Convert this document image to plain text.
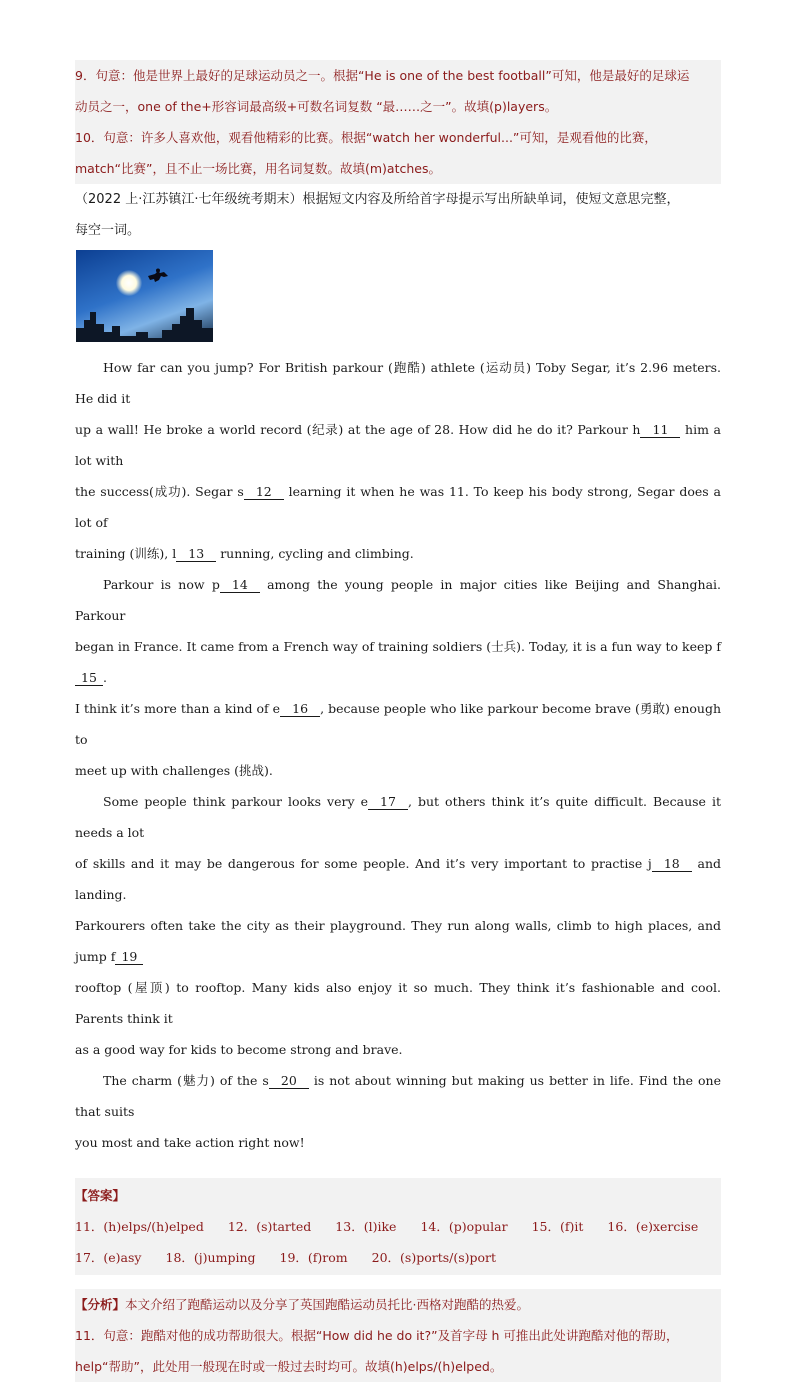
9．句意：他是世界上最好的足球运动员之一。根据“He is one of the best football”可知，他是最好的足球运
动员之一，one of the+形容词最高级+可数名词复数 “最……之一”。故填(p)layers。
10．句意：许多人喜欢他，观看他精彩的比赛。根据“watch her wonderful...”可知，是观看他的比赛，
match“比赛”，且不止一场比赛，用名词复数。故填(m)atches。
（2022 上·江苏镇江·七年级统考期末）根据短文内容及所给首字母提示写出所缺单词，使短文意思完整，
每空一词。
How far can you jump? For British parkour (跑酷) athlete (运动员) Toby Segar, it’s 2.96 meters. He did it
up a wall! He broke a world record (纪录) at the age of 28. How did he do it? Parkour h 11 him a lot with
the success(成功). Segar s 12 learning it when he was 11. To keep his body strong, Segar does a lot of
training (训练), l 13 running, cycling and climbing.
Parkour is now p 14 among the young people in major cities like Beijing and Shanghai. Parkour
began in France. It came from a French way of training soldiers (士兵). Today, it is a fun way to keep f15 .
I think it’s more than a kind of e 16 , because people who like parkour become brave (勇敢) enough to
meet up with challenges (挑战).
Some people think parkour looks very e 17 , but others think it’s quite difficult. Because it needs a lot
of skills and it may be dangerous for some people. And it’s very important to practise j 18 and landing.
Parkourers often take the city as their playground. They run along walls, climb to high places, and jump f 19
rooftop (屋顶) to rooftop. Many kids also enjoy it so much. They think it’s fashionable and cool. Parents think it
as a good way for kids to become strong and brave.
The charm (魅力) of the s 20 is not about winning but making us better in life. Find the one that suits
you most and take action right now!
【答案】
11．(h)elps/(h)elped 12．(s)tarted 13．(l)ike 14．(p)opular 15．(f)it 16．(e)xercise
17．(e)asy 18．(j)umping 19．(f)rom 20．(s)ports/(s)port
【分析】本文介绍了跑酷运动以及分享了英国跑酷运动员托比·西格对跑酷的热爱。
11．句意：跑酷对他的成功帮助很大。根据“How did he do it?”及首字母 h 可推出此处讲跑酷对他的帮助，
help“帮助”，此处用一般现在时或一般过去时均可。故填(h)elps/(h)elped。
